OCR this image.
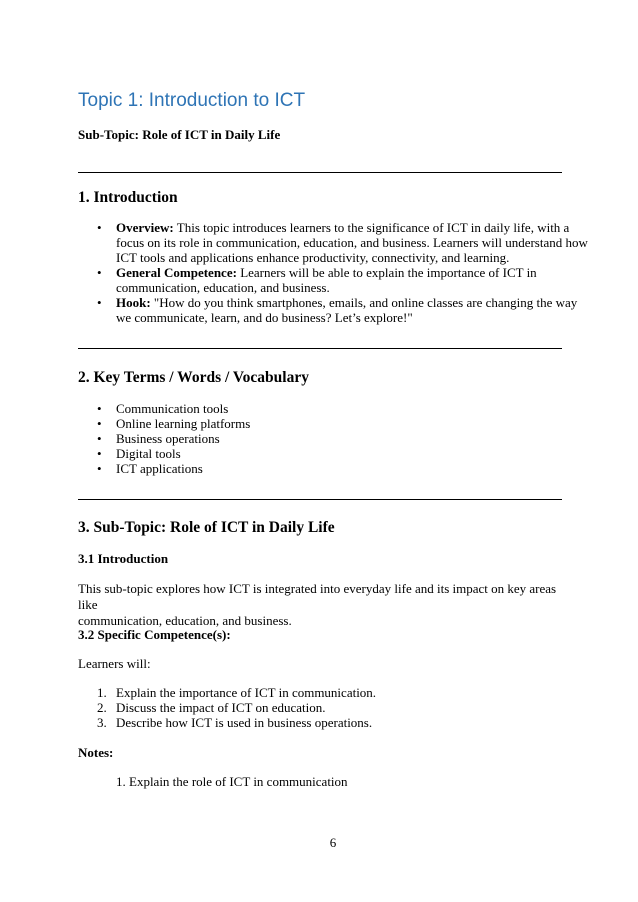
Topic 1: Introduction to ICT
Sub-Topic: Role of ICT in Daily Life
1. Introduction
• Overview: This topic introduces learners to the significance of ICT in daily life, with a
focus on its role in communication, education, and business. Learners will understand how
ICT tools and applications enhance productivity, connectivity, and learning.
• General Competence: Learners will be able to explain the importance of ICT in
communication, education, and business.
• Hook: "How do you think smartphones, emails, and online classes are changing the way
we communicate, learn, and do business? Let’s explore!"
2. Key Terms / Words / Vocabulary
• Communication tools
• Online learning platforms
• Business operations
• Digital tools
• ICT applications
3. Sub-Topic: Role of ICT in Daily Life
3.1 Introduction
This sub-topic explores how ICT is integrated into everyday life and its impact on key areas like
communication, education, and business.
3.2 Specific Competence(s):
Learners will:
1. Explain the importance of ICT in communication.
2. Discuss the impact of ICT on education.
3. Describe how ICT is used in business operations.
Notes:
1. Explain the role of ICT in communication
6
